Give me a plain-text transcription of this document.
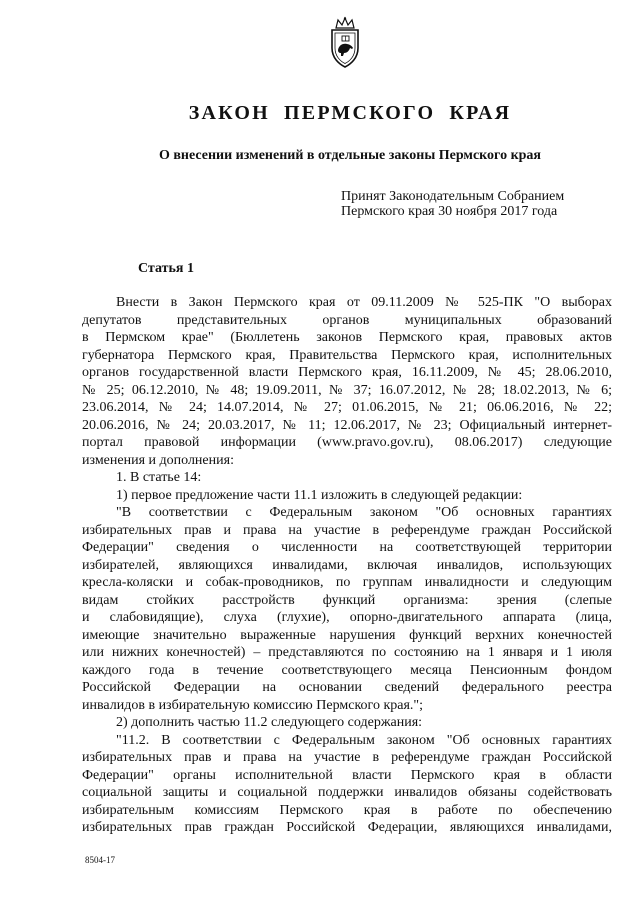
ЗАКОН ПЕРМСКОГО КРАЯ
О внесении изменений в отдельные законы Пермского края
Принят Законодательным Собранием
Пермского края 30 ноября 2017 года
Статья 1
Внести в Закон Пермского края от 09.11.2009 № 525-ПК "О выборах
депутатов представительных органов муниципальных образований
в Пермском крае" (Бюллетень законов Пермского края, правовых актов
губернатора Пермского края, Правительства Пермского края, исполнительных
органов государственной власти Пермского края, 16.11.2009, № 45; 28.06.2010,
№ 25; 06.12.2010, № 48; 19.09.2011, № 37; 16.07.2012, № 28; 18.02.2013, № 6;
23.06.2014, № 24; 14.07.2014, № 27; 01.06.2015, № 21; 06.06.2016, № 22;
20.06.2016, № 24; 20.03.2017, № 11; 12.06.2017, № 23; Официальный интернет-
портал правовой информации (www.pravo.gov.ru), 08.06.2017) следующие
изменения и дополнения:
1. В статье 14:
1) первое предложение части 11.1 изложить в следующей редакции:
"В соответствии с Федеральным законом "Об основных гарантиях
избирательных прав и права на участие в референдуме граждан Российской
Федерации" сведения о численности на соответствующей территории
избирателей, являющихся инвалидами, включая инвалидов, использующих
кресла-коляски и собак-проводников, по группам инвалидности и следующим
видам стойких расстройств функций организма: зрения (слепые
и слабовидящие), слуха (глухие), опорно-двигательного аппарата (лица,
имеющие значительно выраженные нарушения функций верхних конечностей
или нижних конечностей) – представляются по состоянию на 1 января и 1 июля
каждого года в течение соответствующего месяца Пенсионным фондом
Российской Федерации на основании сведений федерального реестра
инвалидов в избирательную комиссию Пермского края.";
2) дополнить частью 11.2 следующего содержания:
"11.2. В соответствии с Федеральным законом "Об основных гарантиях
избирательных прав и права на участие в референдуме граждан Российской
Федерации" органы исполнительной власти Пермского края в области
социальной защиты и социальной поддержки инвалидов обязаны содействовать
избирательным комиссиям Пермского края в работе по обеспечению
избирательных прав граждан Российской Федерации, являющихся инвалидами,
8504-17
